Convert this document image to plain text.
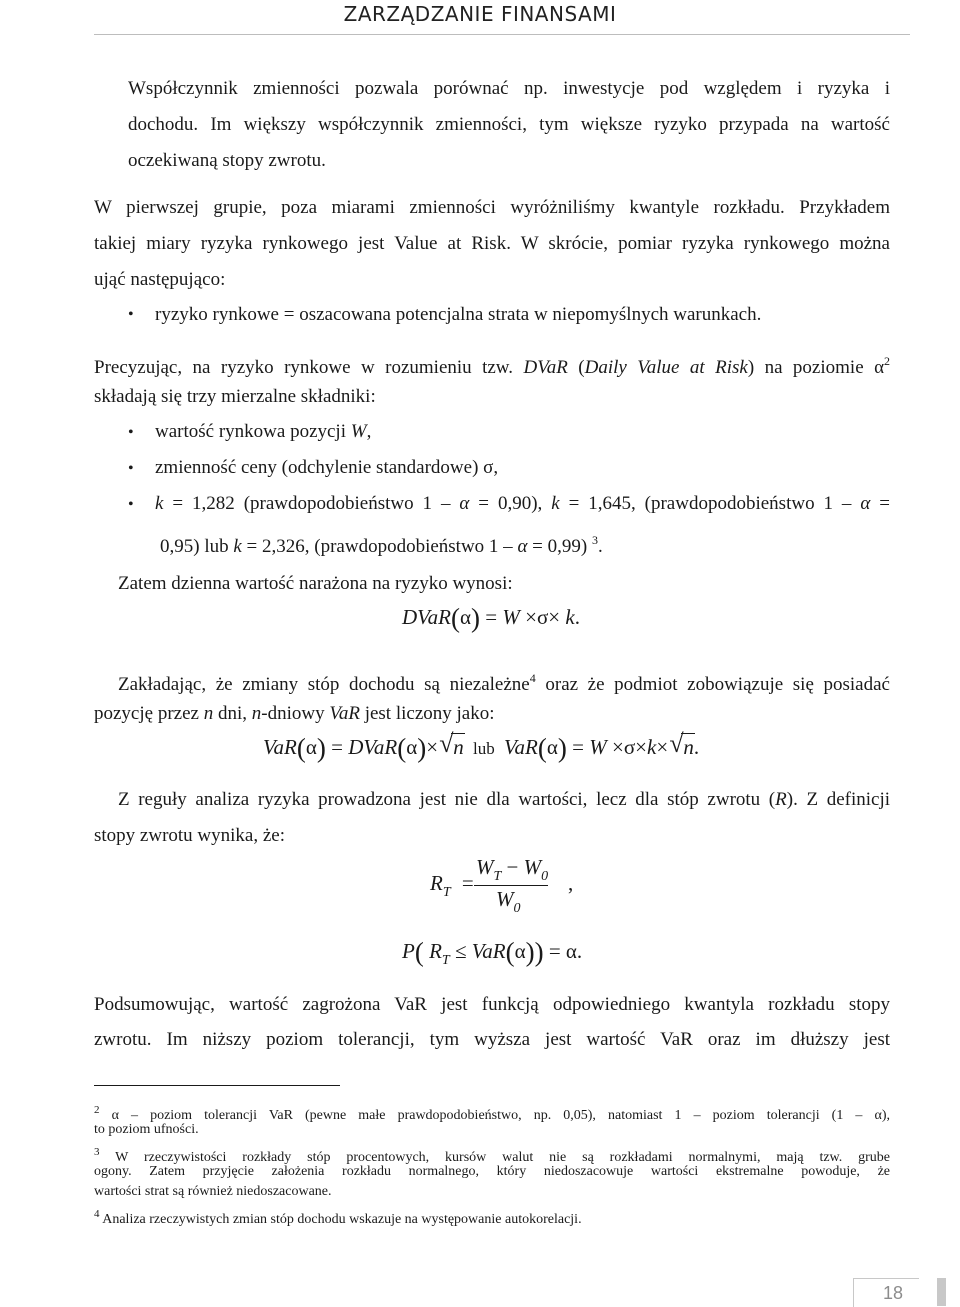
ZARZĄDZANIE FINANSAMI
Współczynnik zmienności pozwala porównać np. inwestycje pod względem i ryzyka i
dochodu. Im większy współczynnik zmienności, tym większe ryzyko przypada na wartość
oczekiwaną stopy zwrotu.
W pierwszej grupie, poza miarami zmienności wyróżniliśmy kwantyle rozkładu. Przykładem
takiej miary ryzyka rynkowego jest Value at Risk. W skrócie, pomiar ryzyka rynkowego można
ująć następująco:
• ryzyko rynkowe = oszacowana potencjalna strata w niepomyślnych warunkach.
Precyzując, na ryzyko rynkowe w rozumieniu tzw. DVaR (Daily Value at Risk) na poziomie $\alpha^2$
składają się trzy mierzalne składniki:
• wartość rynkowa pozycji W,
• zmienność ceny (odchylenie standardowe) σ,
• k = 1,282 (prawdopodobieństwo 1 – α = 0,90), k = 1,645, (prawdopodobieństwo 1 – α =
0,95) lub k = 2,326, (prawdopodobieństwo 1 – α = 0,99) $^3$.
Zatem dzienna wartość narażona na ryzyko wynosi:
DVaR(α) = W ×σ× k.
Zakładając, że zmiany stóp dochodu są niezależne$^4$ oraz że podmiot zobowiązuje się posiadać
pozycję przez n dni, n-dniowy VaR jest liczony jako:
VaR(α) = DVaR(α)× √ n lub VaR(α) = W ×σ×k× √ n.
Z reguły analiza ryzyka prowadzona jest nie dla wartości, lecz dla stóp zwrotu (R). Z definicji
stopy zwrotu wynika, że:
$R_T$ =
$W_T - W_0$
$W_0$
,
P( $R_T \le VaR(\alpha)) = \alpha$.
Podsumowując, wartość zagrożona VaR jest funkcją odpowiedniego kwantyla rozkładu stopy
zwrotu. Im niższy poziom tolerancji, tym wyższa jest wartość VaR oraz im dłuższy jest
$^2$ α – poziom tolerancji VaR (pewne małe prawdopodobieństwo, np. 0,05), natomiast 1 – poziom tolerancji (1 – α),
to poziom ufności.
$^3$ W rzeczywistości rozkłady stóp procentowych, kursów walut nie są rozkładami normalnymi, mają tzw. grube
ogony. Zatem przyjęcie założenia rozkładu normalnego, który niedoszacowuje wartości ekstremalne powoduje, że
wartości strat są również niedoszacowane.
$^4$ Analiza rzeczywistych zmian stóp dochodu wskazuje na występowanie autokorelacji.
18
